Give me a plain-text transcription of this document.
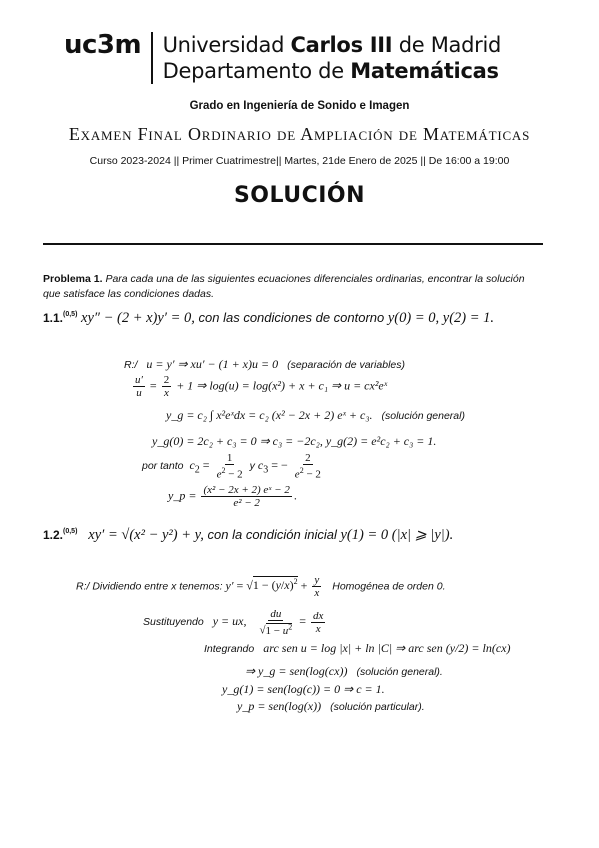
uc3m Universidad Carlos III de Madrid
Departamento de Matemáticas
Grado en Ingeniería de Sonido e Imagen
Examen Final Ordinario de Ampliación de Matemáticas
Curso 2023-2024 || Primer Cuatrimestre|| Martes, 21de Enero de 2025 || De 16:00 a 19:00
SOLUCIÓN
Problema 1. Para cada una de las siguientes ecuaciones diferenciales ordinarias, encontrar la solución que satisface las condiciones dadas.
1.1.$^{(0,5)}$ xy″ − (2 + x)y′ = 0, con las condiciones de contorno y(0) = 0, y(2) = 1.
R:/ u = y′ ⇒ xu′ − (1 + x)u = 0 (separación de variables)
$\frac{u'}{u} = \frac{2}{x} + 1$ ⇒ log(u) = log(x²) + x + c₁ ⇒ u = cx²eˣ
y_g = c₂ ∫ x²eˣdx = c₂ (x² − 2x + 2) eˣ + c₃. (solución general)
y_g(0) = 2c₂ + c₃ = 0 ⇒ c₃ = −2c₂, y_g(2) = e²c₂ + c₃ = 1.
por tanto $c_2 = \frac{1}{e^2 - 2}$ y $c_3$ = − $\frac{2}{e^2 - 2}$
y_p = $\frac{\text{(x² − 2x + 2) eˣ − 2}}{\text{e² − 2}}$ .
1.2.$^{(0,5)}$ xy′ = √(x² − y²) + y, con la condición inicial y(1) = 0 (|x| ⩾ |y|).
R:/ Dividiendo entre x tenemos: $y' = √1 - (y/x)^2 + \frac{y}{x}$ Homogénea de orden 0.
Sustituyendo y = ux, $\frac{du}{√1 - u^2} = \frac{dx}{x}$
Integrando arc sen u = log |x| + ln |C| ⇒ arc sen (y/2) = ln(cx)
⇒ y_g = sen(log(cx)) (solución general).
y_g(1) = sen(log(c)) = 0 ⇒ c = 1.
y_p = sen(log(x)) (solución particular).
